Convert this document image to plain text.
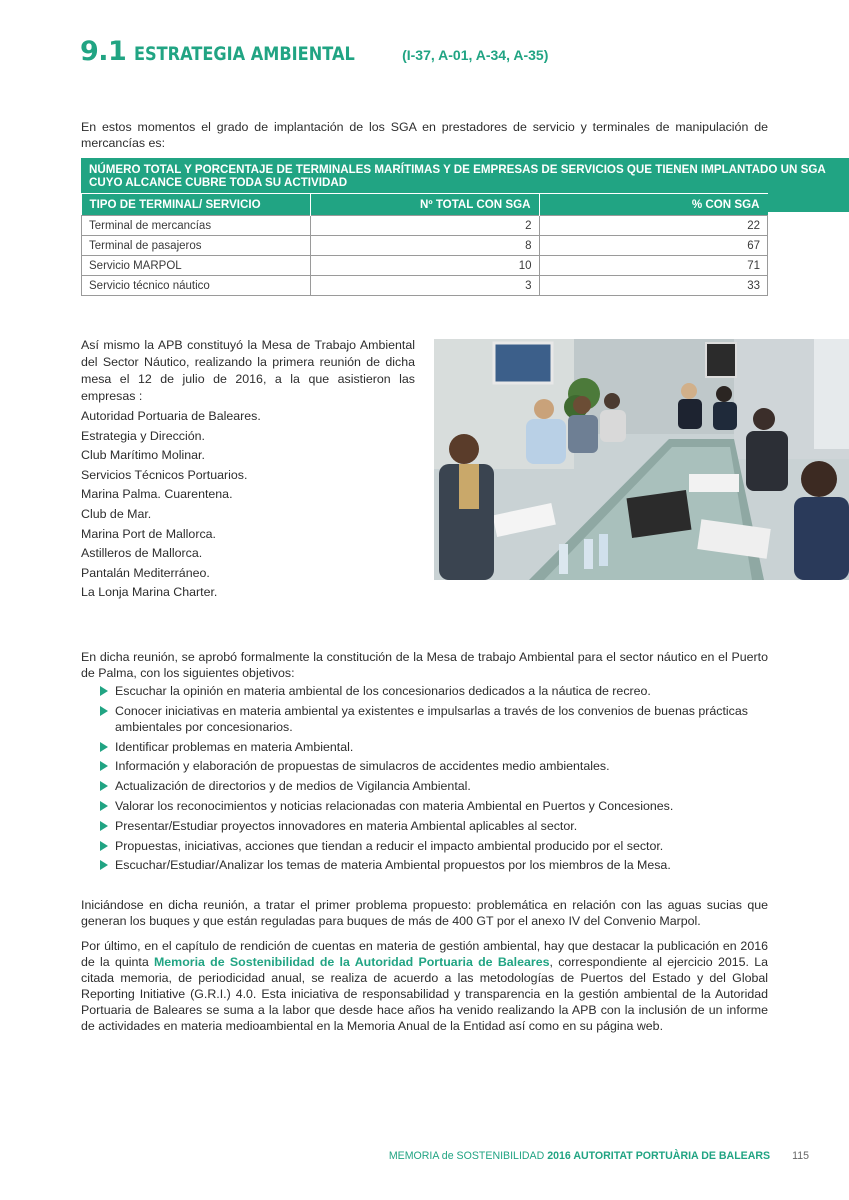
9.1 ESTRATEGIA AMBIENTAL	(I-37, A-01, A-34, A-35)

En estos momentos el grado de implantación de los SGA en prestadores de servicio y terminales de manipulación de mercancías es:

NÚMERO TOTAL Y PORCENTAJE DE TERMINALES MARÍTIMAS Y DE EMPRESAS DE SERVICIOS QUE TIENEN IMPLANTADO UN SGA CUYO ALCANCE CUBRE TODA SU ACTIVIDAD
TIPO DE TERMINAL/ SERVICIO	Nº TOTAL CON SGA	% CON SGA
Terminal de mercancías	2	22
Terminal de pasajeros	8	67
Servicio MARPOL	10	71
Servicio técnico náutico	3	33

Así mismo la APB constituyó la Mesa de Trabajo Ambiental del Sector Náutico, realizando la primera reunión de dicha mesa el 12 de julio de 2016, a la que asistieron las empresas :

Autoridad Portuaria de Baleares.

Estrategia y Dirección.

Club Marítimo Molinar.

Servicios Técnicos Portuarios.

Marina Palma. Cuarentena.

Club de Mar.

Marina Port de Mallorca.

Astilleros de Mallorca.

Pantalán Mediterráneo.

La Lonja Marina Charter.

En dicha reunión, se aprobó formalmente la constitución de la Mesa de trabajo Ambiental para el sector náutico en el Puerto de Palma, con los siguientes objetivos:

Escuchar la opinión en materia ambiental de los concesionarios dedicados a la náutica de recreo.
Conocer iniciativas en materia ambiental ya existentes e impulsarlas a través de los convenios de buenas prácticas ambientales por concesionarios.
Identificar problemas en materia Ambiental.
Información y elaboración de propuestas de simulacros de accidentes medio ambientales.
Actualización de directorios y de medios de Vigilancia Ambiental.
Valorar los reconocimientos y noticias relacionadas con materia Ambiental en Puertos y Concesiones.
Presentar/Estudiar proyectos innovadores en materia Ambiental aplicables al sector.
Propuestas, iniciativas, acciones que tiendan a reducir el impacto ambiental producido por el sector.
Escuchar/Estudiar/Analizar los temas de materia Ambiental propuestos por los miembros de la Mesa.

Iniciándose en dicha reunión, a tratar el primer problema propuesto: problemática en relación con las aguas sucias que generan los buques y que están reguladas para buques de más de 400 GT por el anexo IV del Convenio Marpol.

Por último, en el capítulo de rendición de cuentas en materia de gestión ambiental, hay que destacar la publicación en 2016 de la quinta Memoria de Sostenibilidad de la Autoridad Portuaria de Baleares, correspondiente al ejercicio 2015. La citada memoria, de periodicidad anual, se realiza de acuerdo a las metodologías de Puertos del Estado y del Global Reporting Initiative (G.R.I.) 4.0. Esta iniciativa de responsabilidad y transparencia en la gestión ambiental de la Autoridad Portuaria de Baleares se suma a la labor que desde hace años ha venido realizando la APB con la inclusión de un informe de actividades en materia medioambiental en la Memoria Anual de la Entidad así como en su página web.

MEMORIA de SOSTENIBILIDAD 2016 AUTORITAT PORTUÀRIA DE BALEARS 115
